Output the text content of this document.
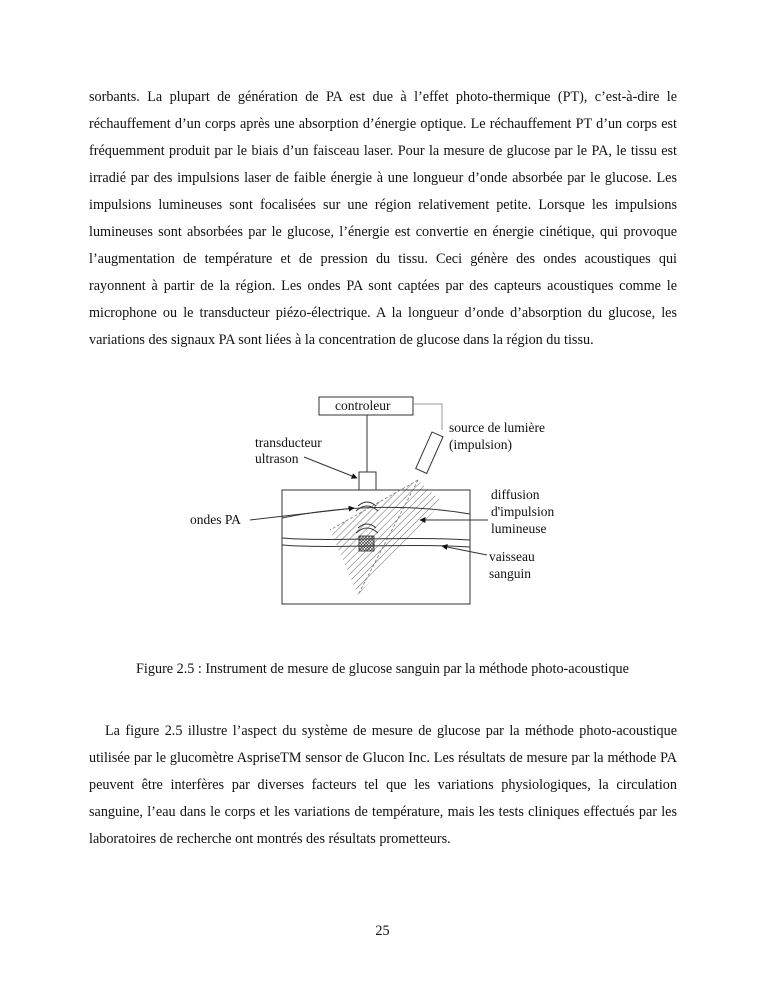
sorbants. La plupart de génération de PA est due à l’effet photo-thermique (PT), c’est-à-dire le réchauffement d’un corps après une absorption d’énergie optique. Le réchauffement PT d’un corps est fréquemment produit par le biais d’un faisceau laser. Pour la mesure de glucose par le PA, le tissu est irradié par des impulsions laser de faible énergie à une longueur d’onde absorbée par le glucose. Les impulsions lumineuses sont focalisées sur une région relativement petite. Lorsque les impulsions lumineuses sont absorbées par le glucose, l’énergie est convertie en énergie cinétique, qui provoque l’augmentation de température et de pression du tissu. Ceci génère des ondes acoustiques qui rayonnent à partir de la région. Les ondes PA sont captées par des capteurs acoustiques comme le microphone ou le transducteur piézo-électrique. A la longueur d’onde d’absorption du glucose, les variations des signaux PA sont liées à la concentration de glucose dans la région du tissu.

controleur
transducteur
ultrason
source de lumière
(impulsion)
ondes PA
diffusion
d'impulsion
lumineuse
vaisseau
sanguin

Figure 2.5 : Instrument de mesure de glucose sanguin par la méthode photo-acoustique

La figure 2.5 illustre l’aspect du système de mesure de glucose par la méthode photo-acoustique utilisée par le glucomètre AspriseTM sensor de Glucon Inc. Les résultats de mesure par la méthode PA peuvent être interfères par diverses facteurs tel que les variations physiologiques, la circulation sanguine, l’eau dans le corps et les variations de température, mais les tests cliniques effectués par les laboratoires de recherche ont montrés des résultats prometteurs.

25
